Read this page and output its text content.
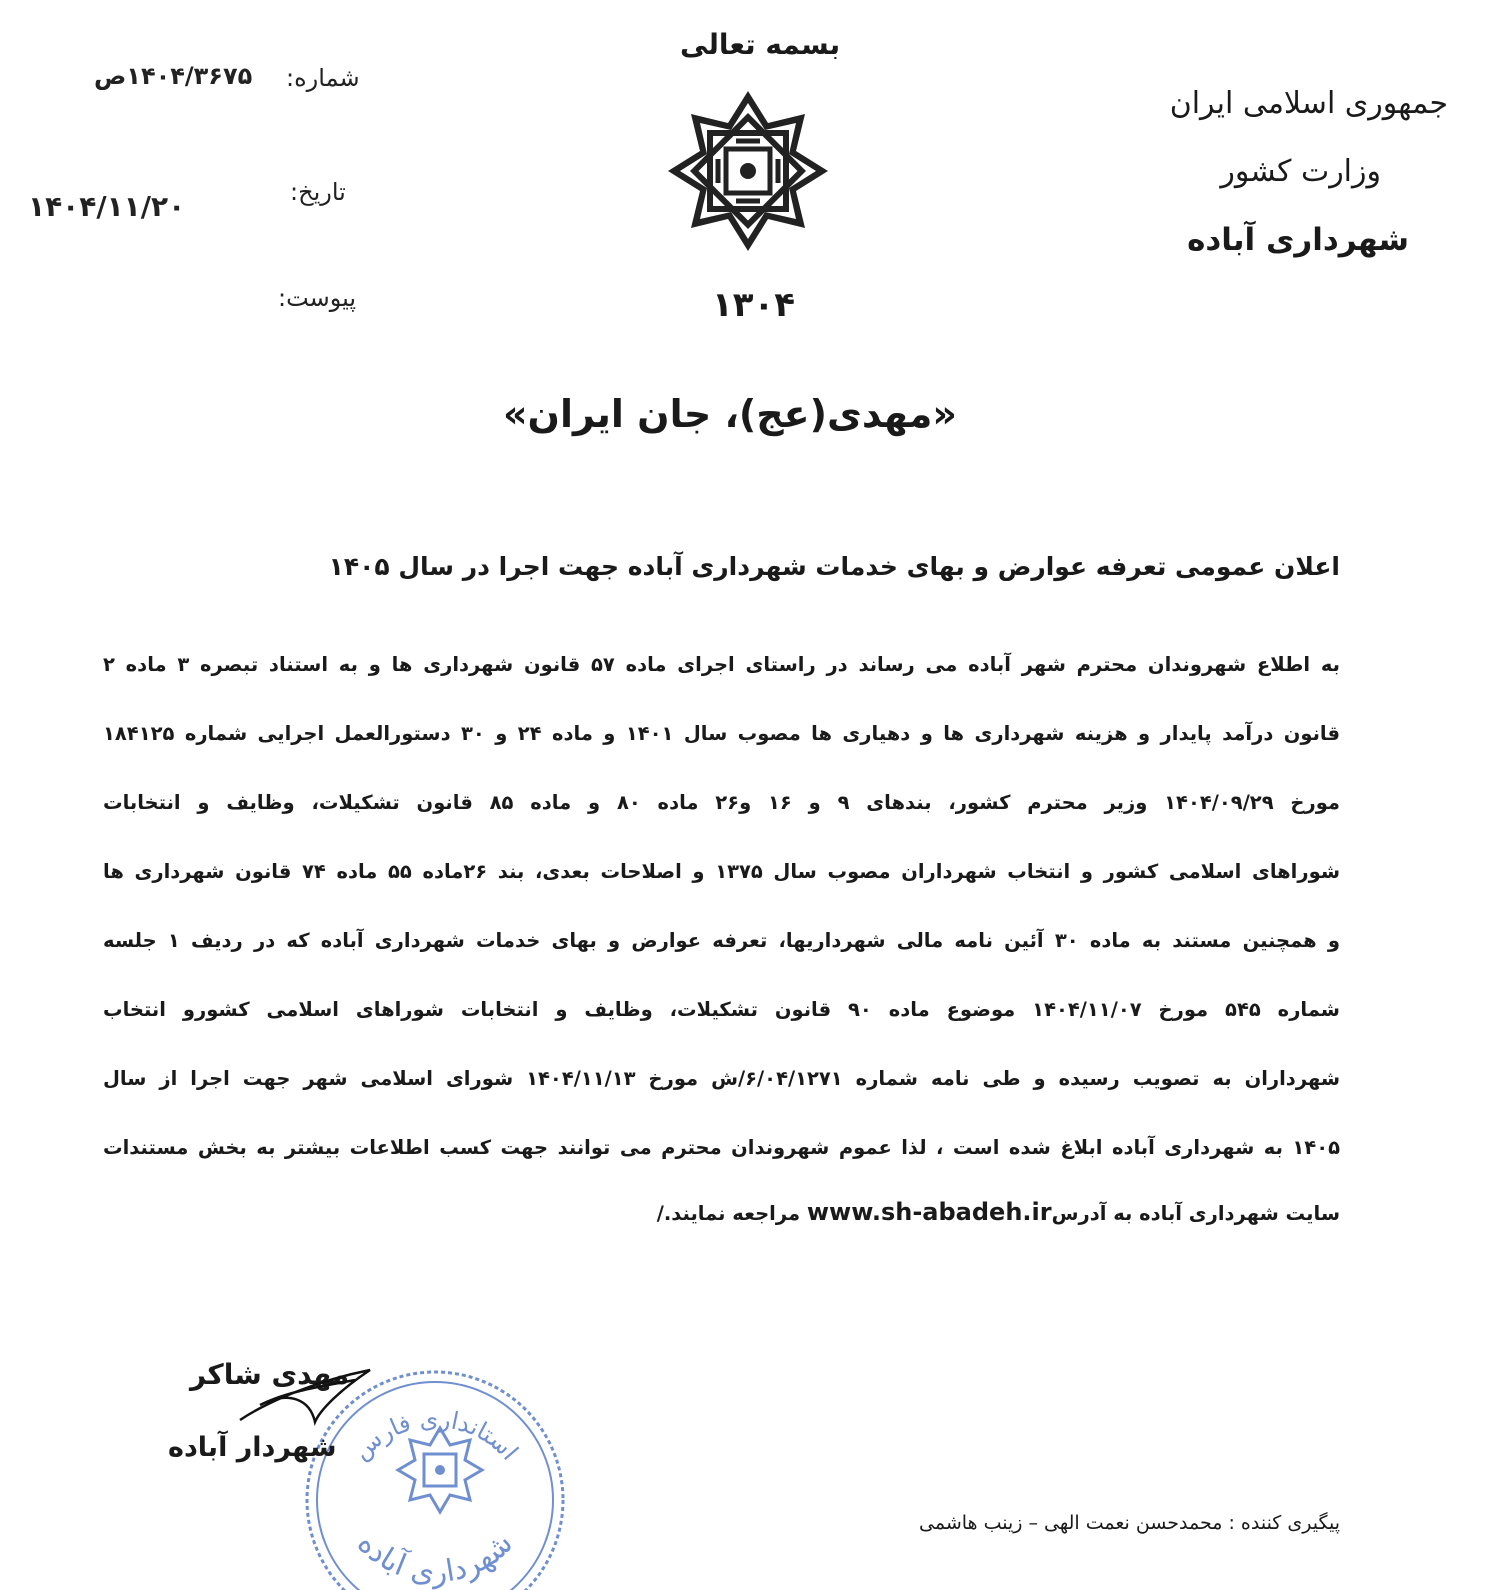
بسمه تعالی
۱۳۰۴
شماره:
۱۴۰۴/۳۶۷۵ص
تاریخ:
۱۴۰۴/۱۱/۲۰
پیوست:
جمهوری اسلامی ایران
وزارت کشور
شهرداری آباده
«مهدی(عج)، جان ایران»
اعلان عمومی تعرفه عوارض و بهای خدمات شهرداری آباده جهت اجرا در سال ۱۴۰۵
به اطلاع شهروندان محترم شهر آباده می رساند در راستای اجرای ماده ۵۷ قانون شهرداری ها و به استناد تبصره ۳ ماده ۲
قانون درآمد پایدار و هزینه شهرداری ها و دهیاری ها مصوب سال ۱۴۰۱ و ماده ۲۴ و ۳۰ دستورالعمل اجرایی شماره ۱۸۴۱۲۵
مورخ ۱۴۰۴/۰۹/۲۹ وزیر محترم کشور، بندهای ۹ و ۱۶ و۲۶ ماده ۸۰ و ماده ۸۵ قانون تشکیلات، وظایف و انتخابات
شوراهای اسلامی کشور و انتخاب شهرداران مصوب سال ۱۳۷۵ و اصلاحات بعدی، بند ۲۶ماده ۵۵ ماده ۷۴ قانون شهرداری ها
و همچنین مستند به ماده ۳۰ آئین نامه مالی شهرداریها، تعرفه عوارض و بهای خدمات شهرداری آباده که در ردیف ۱ جلسه
شماره ۵۴۵ مورخ ۱۴۰۴/۱۱/۰۷ موضوع ماده ۹۰ قانون تشکیلات، وظایف و انتخابات شوراهای اسلامی کشورو انتخاب
شهرداران به تصویب رسیده و طی نامه شماره ۶/۰۴/۱۲۷۱/ش مورخ ۱۴۰۴/۱۱/۱۳ شورای اسلامی شهر جهت اجرا از سال
۱۴۰۵ به شهرداری آباده ابلاغ شده است ، لذا عموم شهروندان محترم می توانند جهت کسب اطلاعات بیشتر به بخش مستندات
سایت شهرداری آباده به آدرسwww.sh-abadeh.ir مراجعه نمایند./
استانداری فارس
شهرداری آباده
مهدی شاکر
شهردار آباده
پیگیری کننده : محمدحسن نعمت الهی – زینب هاشمی
